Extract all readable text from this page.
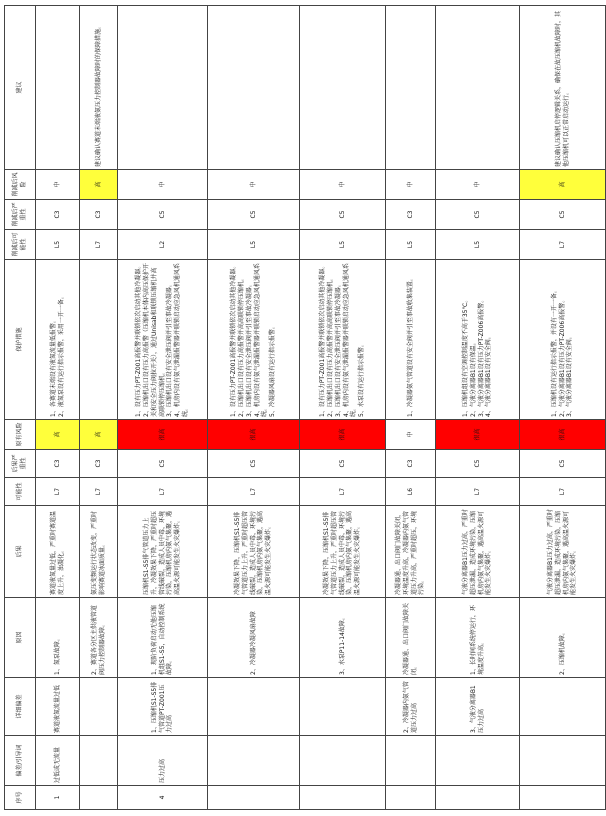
序号	偏差/引导词	详细偏差	原因	后果	可能性	后果严重性	原有风险	保护措施	削减后可能性	削减后严重性	削减后风险	建议
1	过低或无流量	赛道液氮流量过低	1、氮泵故障。	赛道液氮量过低，严重时赛道温度上升，浊凝化。	L7	C3	高	1、各赛道末端设有液氮流量低报警。 2、液氮泵设有运行指示报警，采用一开一备。	L5	C3	中	
			2、赛道各分区主供液管道阀压力控制器故障。	氨压变频运行状态改变，严重时影响赛道冰面质量。	L7	C3	高		L7	C3	高	建议确认赛道末端液氨压力控制器故障时的保障措施。
4	压力过高	1、压缩机S1-S5排气管道PT-Z001压力过高	1、现阶负荷启动无他压缩机组S1-S5，自动控制系统故障。	压缩机S1-S5排气管道压力上升，冷凝效果下降，严重时超压管线破裂，造成人员中毒，环境污染，压缩机房内氨气集聚，遇高温火源可能发生火灾爆炸。	L7	C5	很高	1、设有压力PT-Z001高报警并联锁依次启动其他冷凝器。 2、压缩机出口设有压力高报警（压缩机本体内高压保护开关和安全压力阀拉开关），通过Unisab和联锁压缩机并高高联锁停压缩机。 3、压缩机出口设有安全泄压阀并引至事故冷凝器。 4、机房内设有氨气泄漏报警器并联锁启动应急风机通风系统。	L2	C5	中	
			2、冷凝器冷凝风扇故障	冷凝效果下降，压缩机S1-S5排气管道压力上升，严重时超压管线破裂，造成人员中毒，环境污染，压缩机房内氨气集聚，遇高温火源可能发生火灾爆炸。	L7	C5	很高	1、设有压力PT-Z001高报警并联锁依次启动其他冷凝器。 2、压缩机出口设有压力高报警并高高联锁停压缩机。 3、压缩机出口设有安全泄压阀并引至事故冷凝器。 4、机房内设有氨气泄漏报警器并联锁启动应急风机通风系统。 5、冷凝器风扇设有运行指示报警。	L5	C5	中	
			3、水泵P11-14故障。	冷凝效果下降，压缩机S1-S5排气管道压力上升，严重时超压管线破裂，造成人员中毒，环境污染，压缩机房内氨气集聚，遇高温火源可能发生火灾爆炸。	L7	C5	很高	1、设有压力PT-Z001高报警并联锁依次启动其他冷凝器。 2、压缩机出口设有压力高报警并高高联锁停压缩机。 3、压缩机出口设有安全泄压阀并引至事故冷凝器。 4、机房内设有氨气泄漏报警器并联锁启动应急风机通风系统。 5、水泵设有运行指示报警。	L5	C5	中	
		2、冷凝器内氨气管道压力过高	冷凝器通、出口阀门故障关闭。	冷凝器通、出口阀门故障关闭，环境温度升高，冷凝器内氨气管道压力升高，严重时超压，环境污染。	L6	C3	中	1、冷凝器氨气管道设有安全阀并引至事故收集装置。	L5	C3	中	
		3、气液分离器B1压力过高	1、长时间系统停运行，环境温度升高。	气液分离器B1压力过高，严重时超压泄漏，造成环境污染，压缩机房内氨气集聚，遇高温火源可能发生火灾爆炸。	L7	C5	很高	1、压缩机组设有空调控制温度不高于35℃。 2、气液分离器B1设有保温。 3、气液分离器B1设有压力PT-Z006高报警。 4、气液分离器B1设有安全阀。	L5	C5	中	
			2、压缩机故障。	气液分离器B1压力过高，严重时超压泄漏，造成环境污染，压缩机房内氨气集聚，遇高温火源可能发生火灾爆炸。	L7	C5	很高	1、压缩机设有运行指示报警，并设有一开一备。 2、气液分离器B1设有压力PT-Z006高报警。 3、气液分离器B1设有安全阀。	L7	C5	高	建议确认压缩机启停逻辑关系，确保在故压缩机故障时，其他压缩机可以正常启动运行。
